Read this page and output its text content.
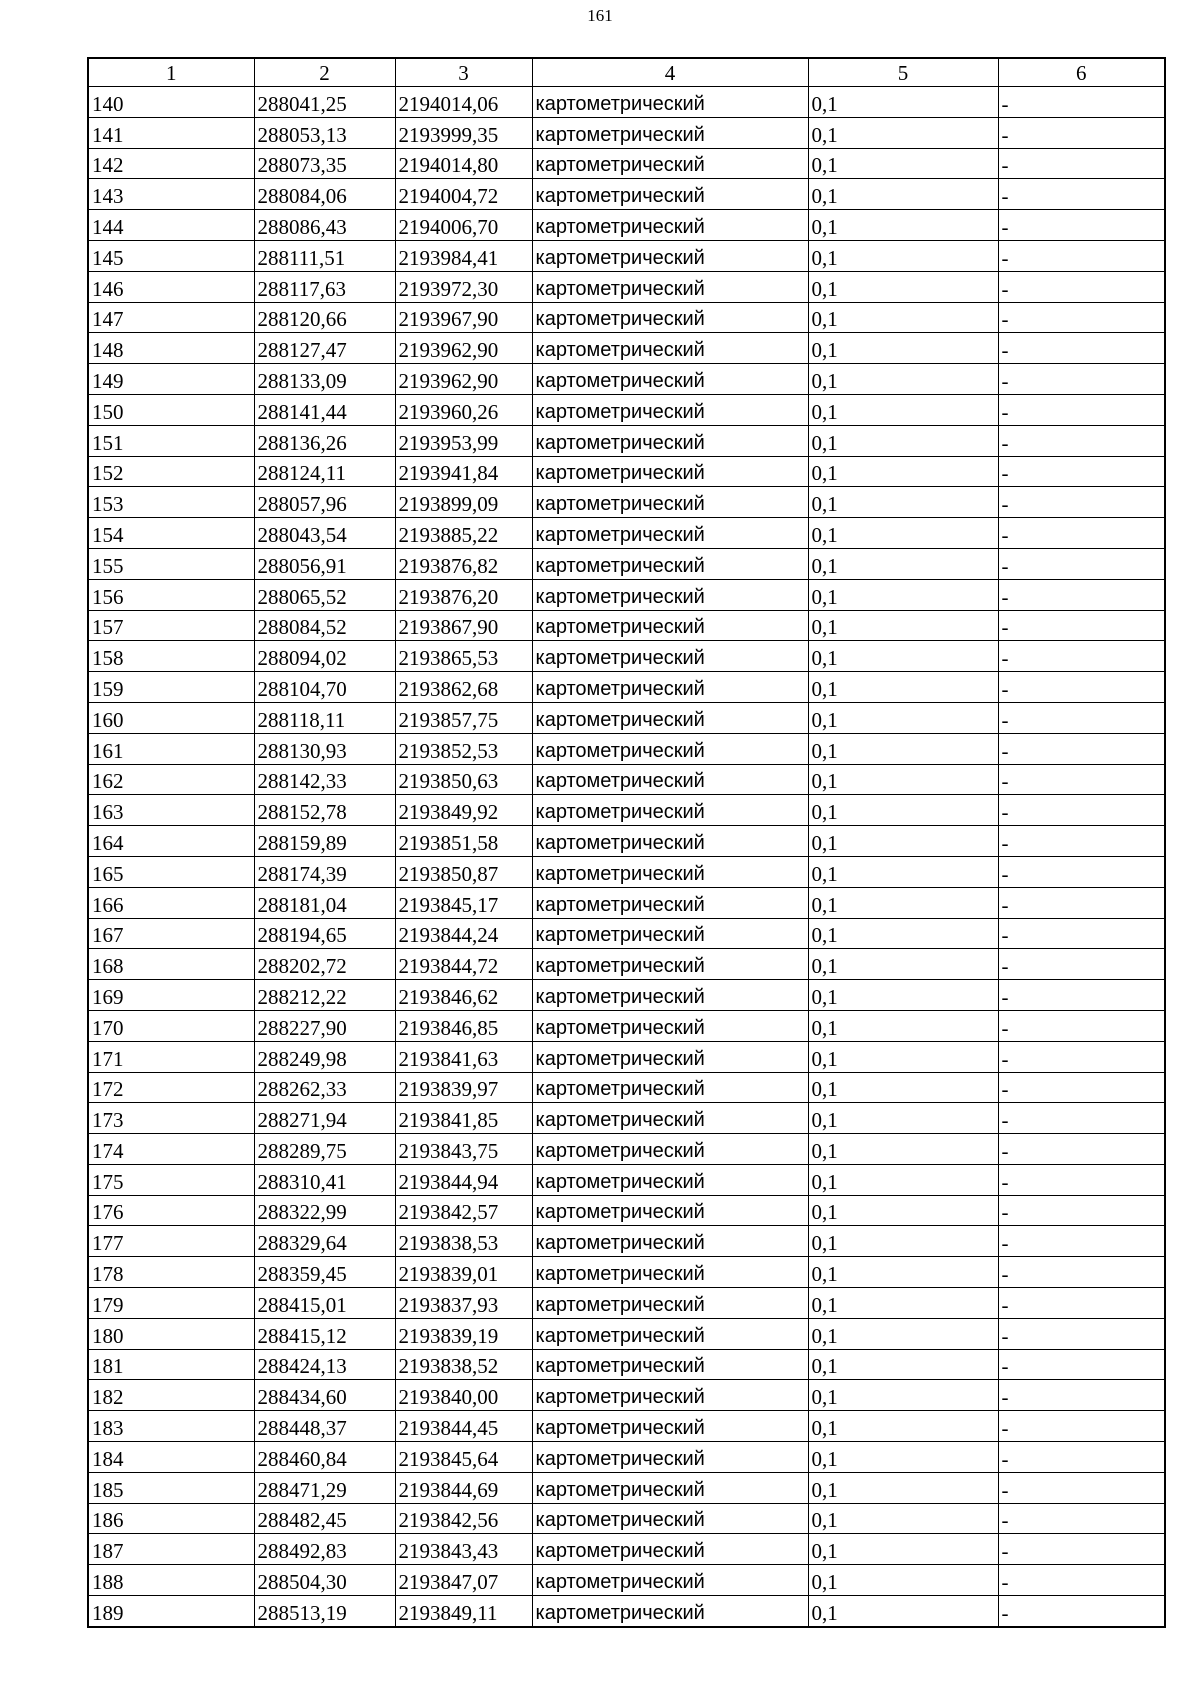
161
1	2	3	4	5	6
140	288041,25	2194014,06	картометрический	0,1	-
141	288053,13	2193999,35	картометрический	0,1	-
142	288073,35	2194014,80	картометрический	0,1	-
143	288084,06	2194004,72	картометрический	0,1	-
144	288086,43	2194006,70	картометрический	0,1	-
145	288111,51	2193984,41	картометрический	0,1	-
146	288117,63	2193972,30	картометрический	0,1	-
147	288120,66	2193967,90	картометрический	0,1	-
148	288127,47	2193962,90	картометрический	0,1	-
149	288133,09	2193962,90	картометрический	0,1	-
150	288141,44	2193960,26	картометрический	0,1	-
151	288136,26	2193953,99	картометрический	0,1	-
152	288124,11	2193941,84	картометрический	0,1	-
153	288057,96	2193899,09	картометрический	0,1	-
154	288043,54	2193885,22	картометрический	0,1	-
155	288056,91	2193876,82	картометрический	0,1	-
156	288065,52	2193876,20	картометрический	0,1	-
157	288084,52	2193867,90	картометрический	0,1	-
158	288094,02	2193865,53	картометрический	0,1	-
159	288104,70	2193862,68	картометрический	0,1	-
160	288118,11	2193857,75	картометрический	0,1	-
161	288130,93	2193852,53	картометрический	0,1	-
162	288142,33	2193850,63	картометрический	0,1	-
163	288152,78	2193849,92	картометрический	0,1	-
164	288159,89	2193851,58	картометрический	0,1	-
165	288174,39	2193850,87	картометрический	0,1	-
166	288181,04	2193845,17	картометрический	0,1	-
167	288194,65	2193844,24	картометрический	0,1	-
168	288202,72	2193844,72	картометрический	0,1	-
169	288212,22	2193846,62	картометрический	0,1	-
170	288227,90	2193846,85	картометрический	0,1	-
171	288249,98	2193841,63	картометрический	0,1	-
172	288262,33	2193839,97	картометрический	0,1	-
173	288271,94	2193841,85	картометрический	0,1	-
174	288289,75	2193843,75	картометрический	0,1	-
175	288310,41	2193844,94	картометрический	0,1	-
176	288322,99	2193842,57	картометрический	0,1	-
177	288329,64	2193838,53	картометрический	0,1	-
178	288359,45	2193839,01	картометрический	0,1	-
179	288415,01	2193837,93	картометрический	0,1	-
180	288415,12	2193839,19	картометрический	0,1	-
181	288424,13	2193838,52	картометрический	0,1	-
182	288434,60	2193840,00	картометрический	0,1	-
183	288448,37	2193844,45	картометрический	0,1	-
184	288460,84	2193845,64	картометрический	0,1	-
185	288471,29	2193844,69	картометрический	0,1	-
186	288482,45	2193842,56	картометрический	0,1	-
187	288492,83	2193843,43	картометрический	0,1	-
188	288504,30	2193847,07	картометрический	0,1	-
189	288513,19	2193849,11	картометрический	0,1	-
